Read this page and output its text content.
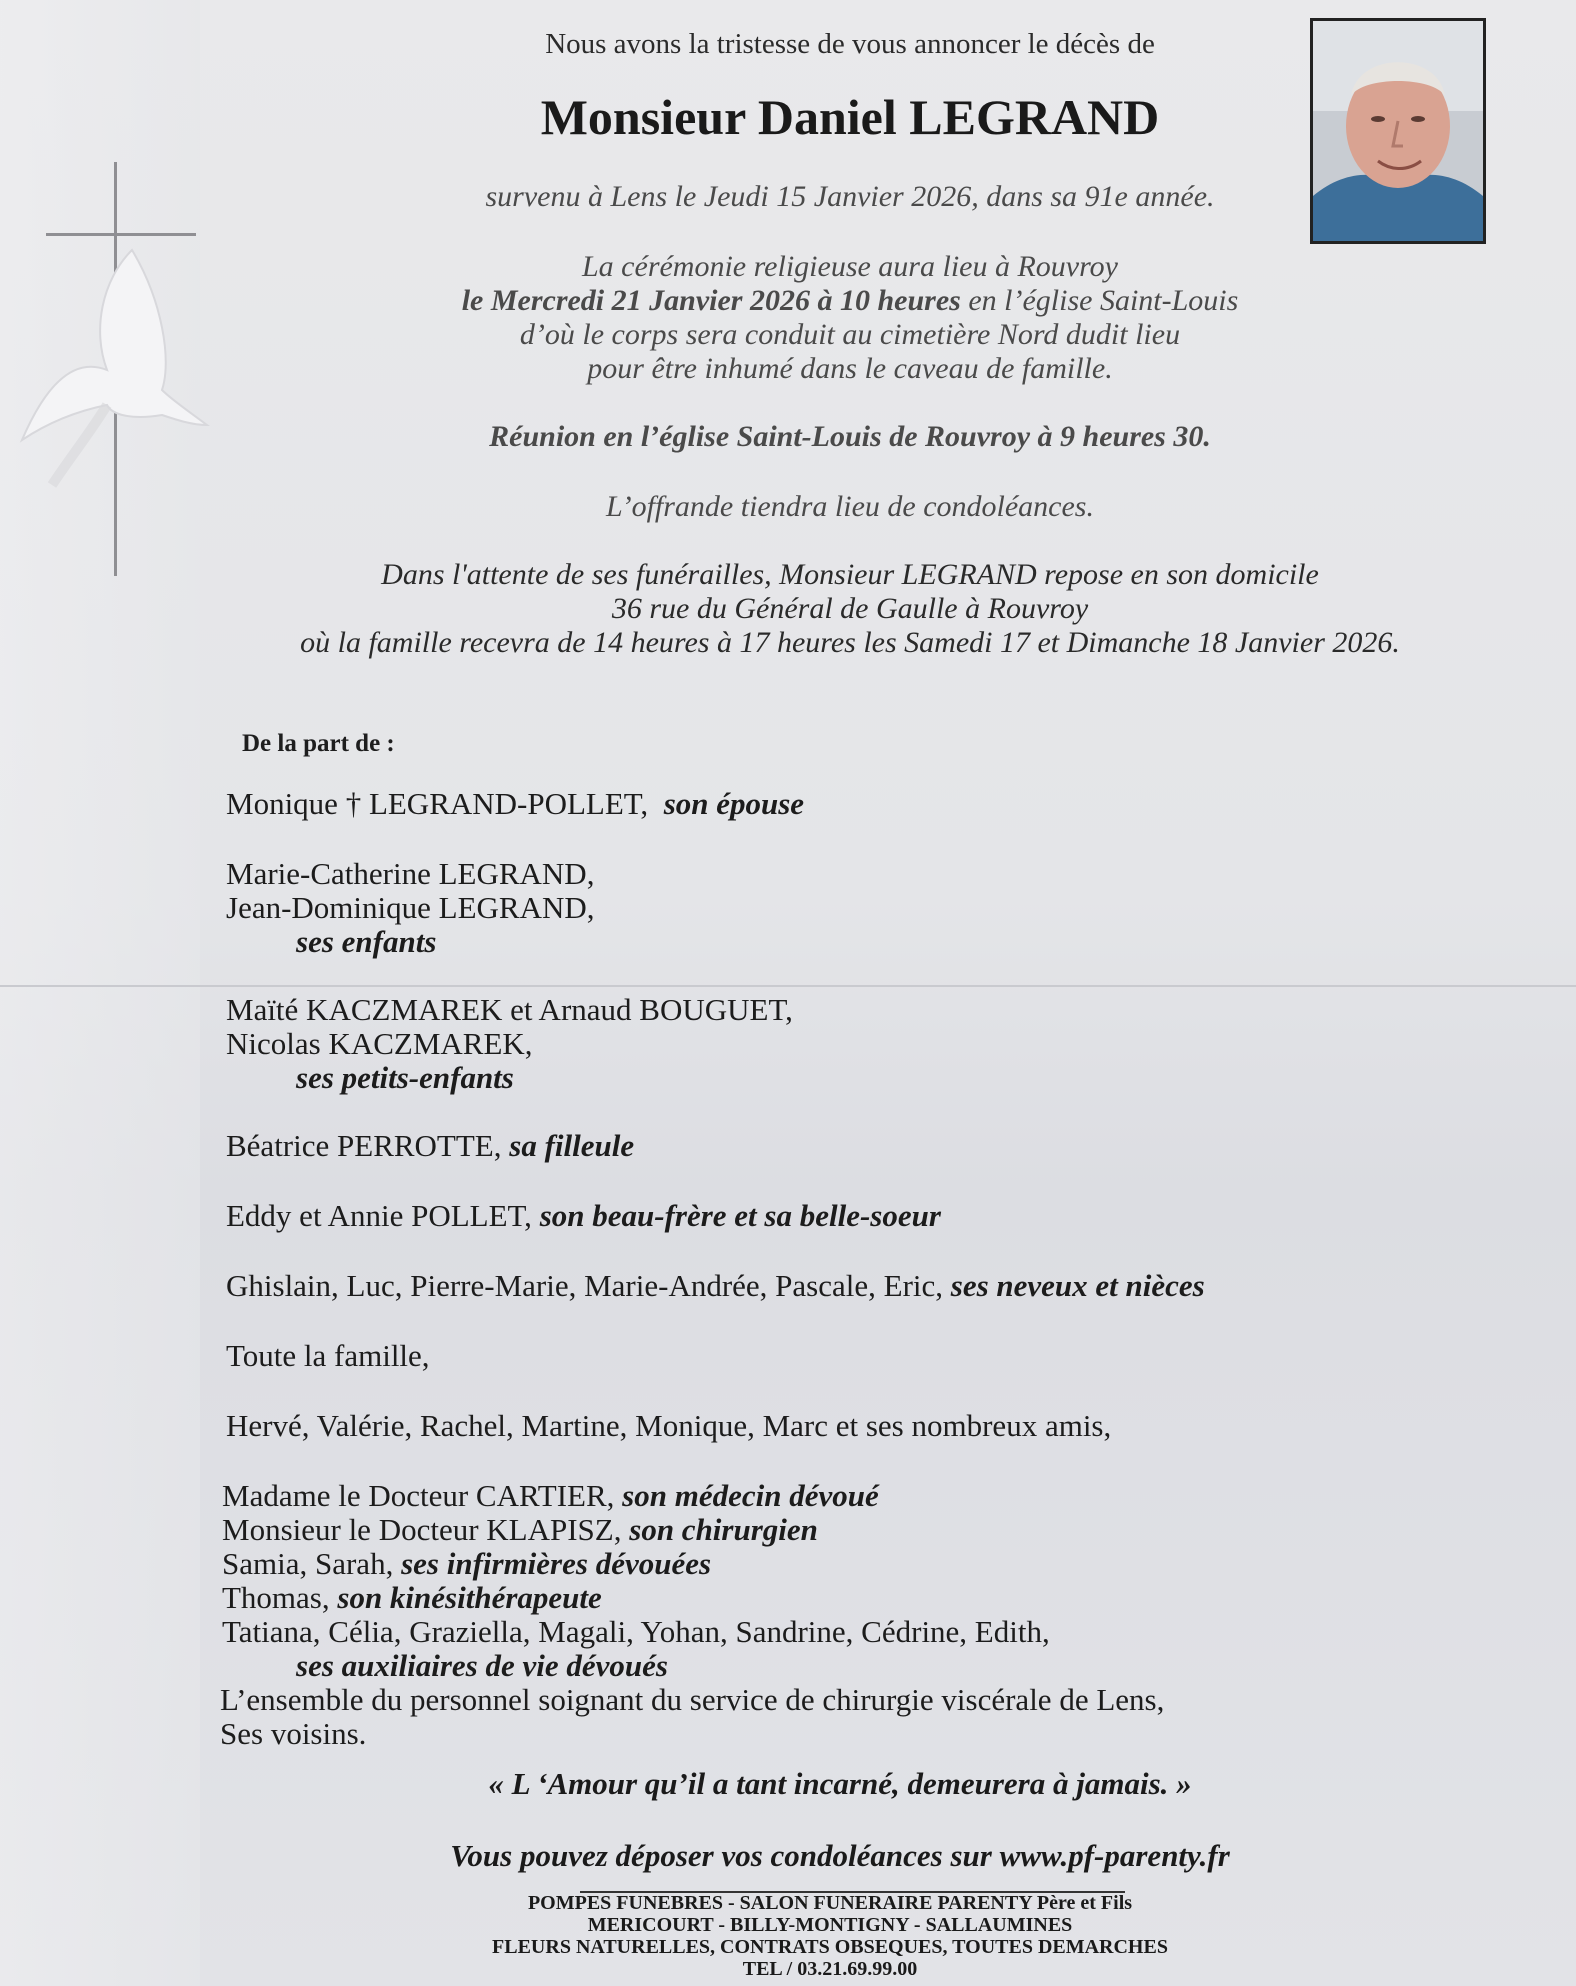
Nous avons la tristesse de vous annoncer le décès de
Monsieur Daniel LEGRAND
survenu à Lens le Jeudi 15 Janvier 2026, dans sa 91e année.
La cérémonie religieuse aura lieu à Rouvroy
le Mercredi 21 Janvier 2026 à 10 heures en l’église Saint-Louis
d’où le corps sera conduit au cimetière Nord dudit lieu
pour être inhumé dans le caveau de famille.
Réunion en l’église Saint-Louis de Rouvroy à 9 heures 30.
L’offrande tiendra lieu de condoléances.
Dans l'attente de ses funérailles, Monsieur LEGRAND repose en son domicile
36 rue du Général de Gaulle à Rouvroy
où la famille recevra de 14 heures à 17 heures les Samedi 17 et Dimanche 18 Janvier 2026.
De la part de :
Monique † LEGRAND-POLLET, son épouse
Marie-Catherine LEGRAND,
Jean-Dominique LEGRAND,
ses enfants
Maïté KACZMAREK et Arnaud BOUGUET,
Nicolas KACZMAREK,
ses petits-enfants
Béatrice PERROTTE, sa filleule
Eddy et Annie POLLET, son beau-frère et sa belle-soeur
Ghislain, Luc, Pierre-Marie, Marie-Andrée, Pascale, Eric, ses neveux et nièces
Toute la famille,
Hervé, Valérie, Rachel, Martine, Monique, Marc et ses nombreux amis,
Madame le Docteur CARTIER, son médecin dévoué
Monsieur le Docteur KLAPISZ, son chirurgien
Samia, Sarah, ses infirmières dévouées
Thomas, son kinésithérapeute
Tatiana, Célia, Graziella, Magali, Yohan, Sandrine, Cédrine, Edith,
ses auxiliaires de vie dévoués
L’ensemble du personnel soignant du service de chirurgie viscérale de Lens,
Ses voisins.
« L ‘Amour qu’il a tant incarné, demeurera à jamais. »
Vous pouvez déposer vos condoléances sur www.pf-parenty.fr
POMPES FUNEBRES - SALON FUNERAIRE PARENTY Père et Fils
MERICOURT - BILLY-MONTIGNY - SALLAUMINES
FLEURS NATURELLES, CONTRATS OBSEQUES, TOUTES DEMARCHES
TEL / 03.21.69.99.00
